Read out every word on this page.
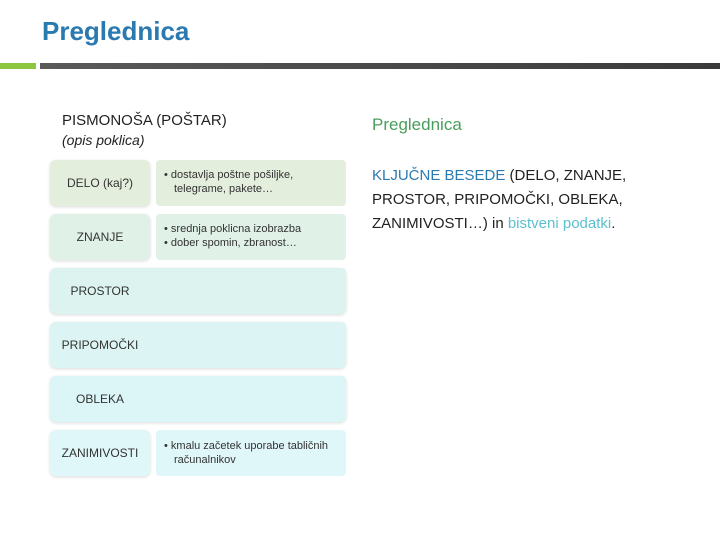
Preglednica
PISMONOŠA (POŠTAR)
(opis poklica)
DELO (kaj?)
• dostavlja poštne pošiljke,
telegrame, pakete…
ZNANJE
• srednja poklicna izobrazba
• dober spomin, zbranost…
PROSTOR
PRIPOMOČKI
OBLEKA
ZANIMIVOSTI	• kmalu začetek uporabe tabličnih
računalnikov
Preglednica
KLJUČNE BESEDE (DELO, ZNANJE, PROSTOR, PRIPOMOČKI, OBLEKA, ZANIMIVOSTI…) in bistveni podatki.
